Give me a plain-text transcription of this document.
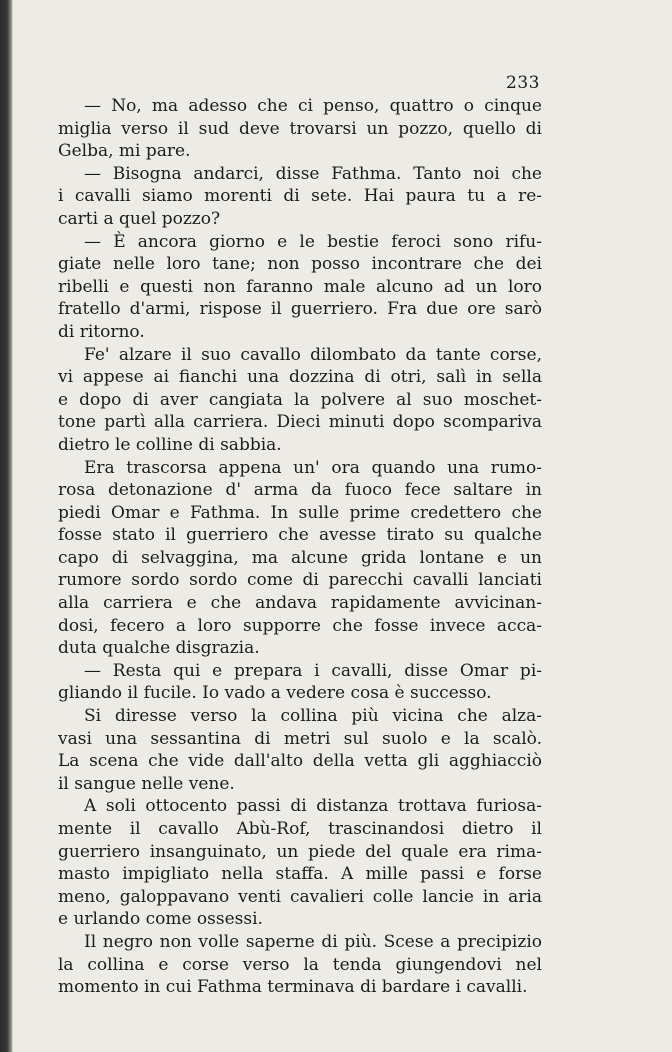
233
— No, ma adesso che ci penso, quattro o cinque
miglia verso il sud deve trovarsi un pozzo, quello di
Gelba, mi pare.
— Bisogna andarci, disse Fathma. Tanto noi che
i cavalli siamo morenti di sete. Hai paura tu a re-
carti a quel pozzo?
— È ancora giorno e le bestie feroci sono rifu-
giate nelle loro tane; non posso incontrare che dei
ribelli e questi non faranno male alcuno ad un loro
fratello d'armi, rispose il guerriero. Fra due ore sarò
di ritorno.
Fe' alzare il suo cavallo dilombato da tante corse,
vi appese ai fianchi una dozzina di otri, salì in sella
e dopo di aver cangiata la polvere al suo moschet-
tone partì alla carriera. Dieci minuti dopo scompariva
dietro le colline di sabbia.
Era trascorsa appena un' ora quando una rumo-
rosa detonazione d' arma da fuoco fece saltare in
piedi Omar e Fathma. In sulle prime credettero che
fosse stato il guerriero che avesse tirato su qualche
capo di selvaggina, ma alcune grida lontane e un
rumore sordo sordo come di parecchi cavalli lanciati
alla carriera e che andava rapidamente avvicinan-
dosi, fecero a loro supporre che fosse invece acca-
duta qualche disgrazia.
— Resta qui e prepara i cavalli, disse Omar pi-
gliando il fucile. Io vado a vedere cosa è successo.
Si diresse verso la collina più vicina che alza-
vasi una sessantina di metri sul suolo e la scalò.
La scena che vide dall'alto della vetta gli agghiacciò
il sangue nelle vene.
A soli ottocento passi di distanza trottava furiosa-
mente il cavallo Abù-Rof, trascinandosi dietro il
guerriero insanguinato, un piede del quale era rima-
masto impigliato nella staffa. A mille passi e forse
meno, galoppavano venti cavalieri colle lancie in aria
e urlando come ossessi.
Il negro non volle saperne di più. Scese a precipizio
la collina e corse verso la tenda giungendovi nel
momento in cui Fathma terminava di bardare i cavalli.
